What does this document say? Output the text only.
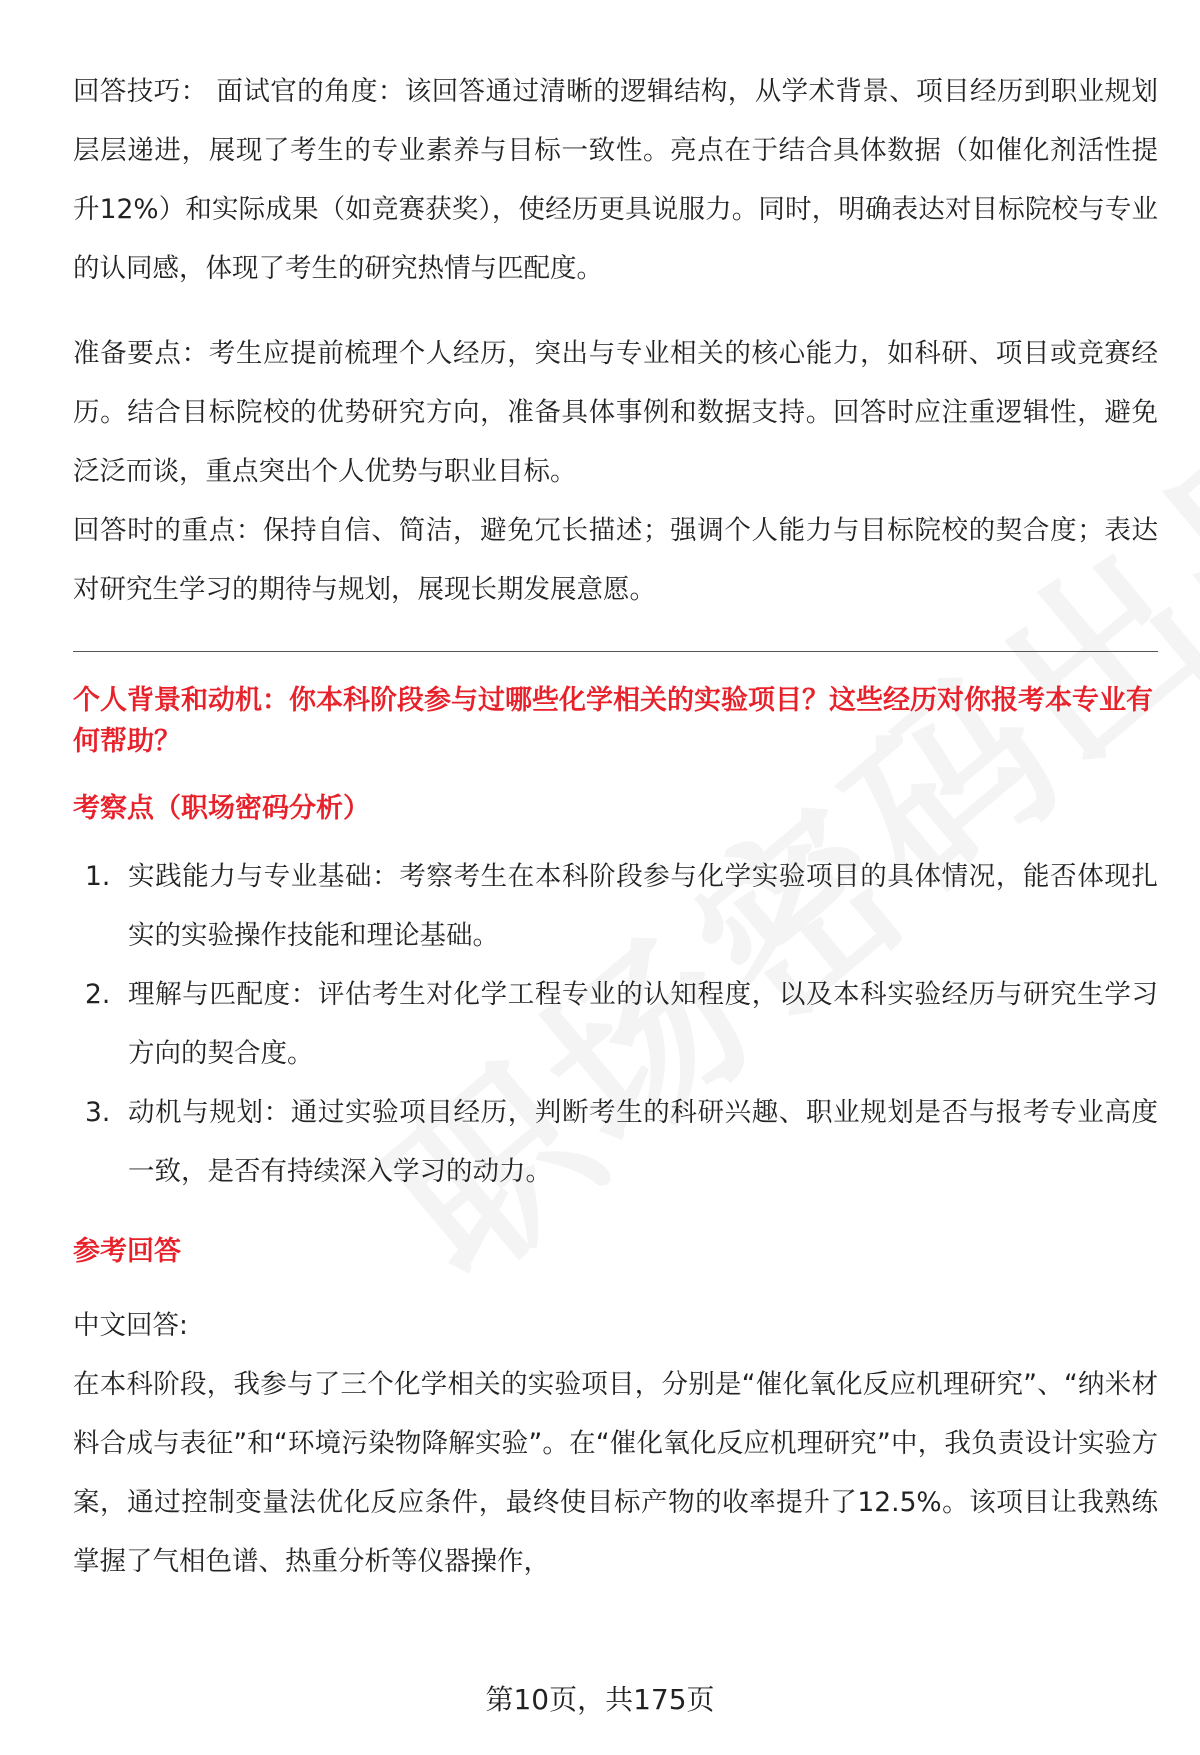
回答技巧： 面试官的角度：该回答通过清晰的逻辑结构，从学术背景、项目经历到职业规划层层递进，展现了考生的专业素养与目标一致性。亮点在于结合具体数据（如催化剂活性提升12%）和实际成果（如竞赛获奖），使经历更具说服力。同时，明确表达对目标院校与专业的认同感，体现了考生的研究热情与匹配度。

准备要点：考生应提前梳理个人经历，突出与专业相关的核心能力，如科研、项目或竞赛经历。结合目标院校的优势研究方向，准备具体事例和数据支持。回答时应注重逻辑性，避免泛泛而谈，重点突出个人优势与职业目标。

回答时的重点：保持自信、简洁，避免冗长描述；强调个人能力与目标院校的契合度；表达对研究生学习的期待与规划，展现长期发展意愿。

个人背景和动机：你本科阶段参与过哪些化学相关的实验项目？这些经历对你报考本专业有何帮助？

考察点（职场密码分析）

1. 实践能力与专业基础：考察考生在本科阶段参与化学实验项目的具体情况，能否体现扎实的实验操作技能和理论基础。
2. 理解与匹配度：评估考生对化学工程专业的认知程度，以及本科实验经历与研究生学习方向的契合度。
3. 动机与规划：通过实验项目经历，判断考生的科研兴趣、职业规划是否与报考专业高度一致，是否有持续深入学习的动力。

参考回答

中文回答:

在本科阶段，我参与了三个化学相关的实验项目，分别是“催化氧化反应机理研究”、“纳米材料合成与表征”和“环境污染物降解实验”。在“催化氧化反应机理研究”中，我负责设计实验方案，通过控制变量法优化反应条件，最终使目标产物的收率提升了12.5%。该项目让我熟练掌握了气相色谱、热重分析等仪器操作，

第10页，共175页
